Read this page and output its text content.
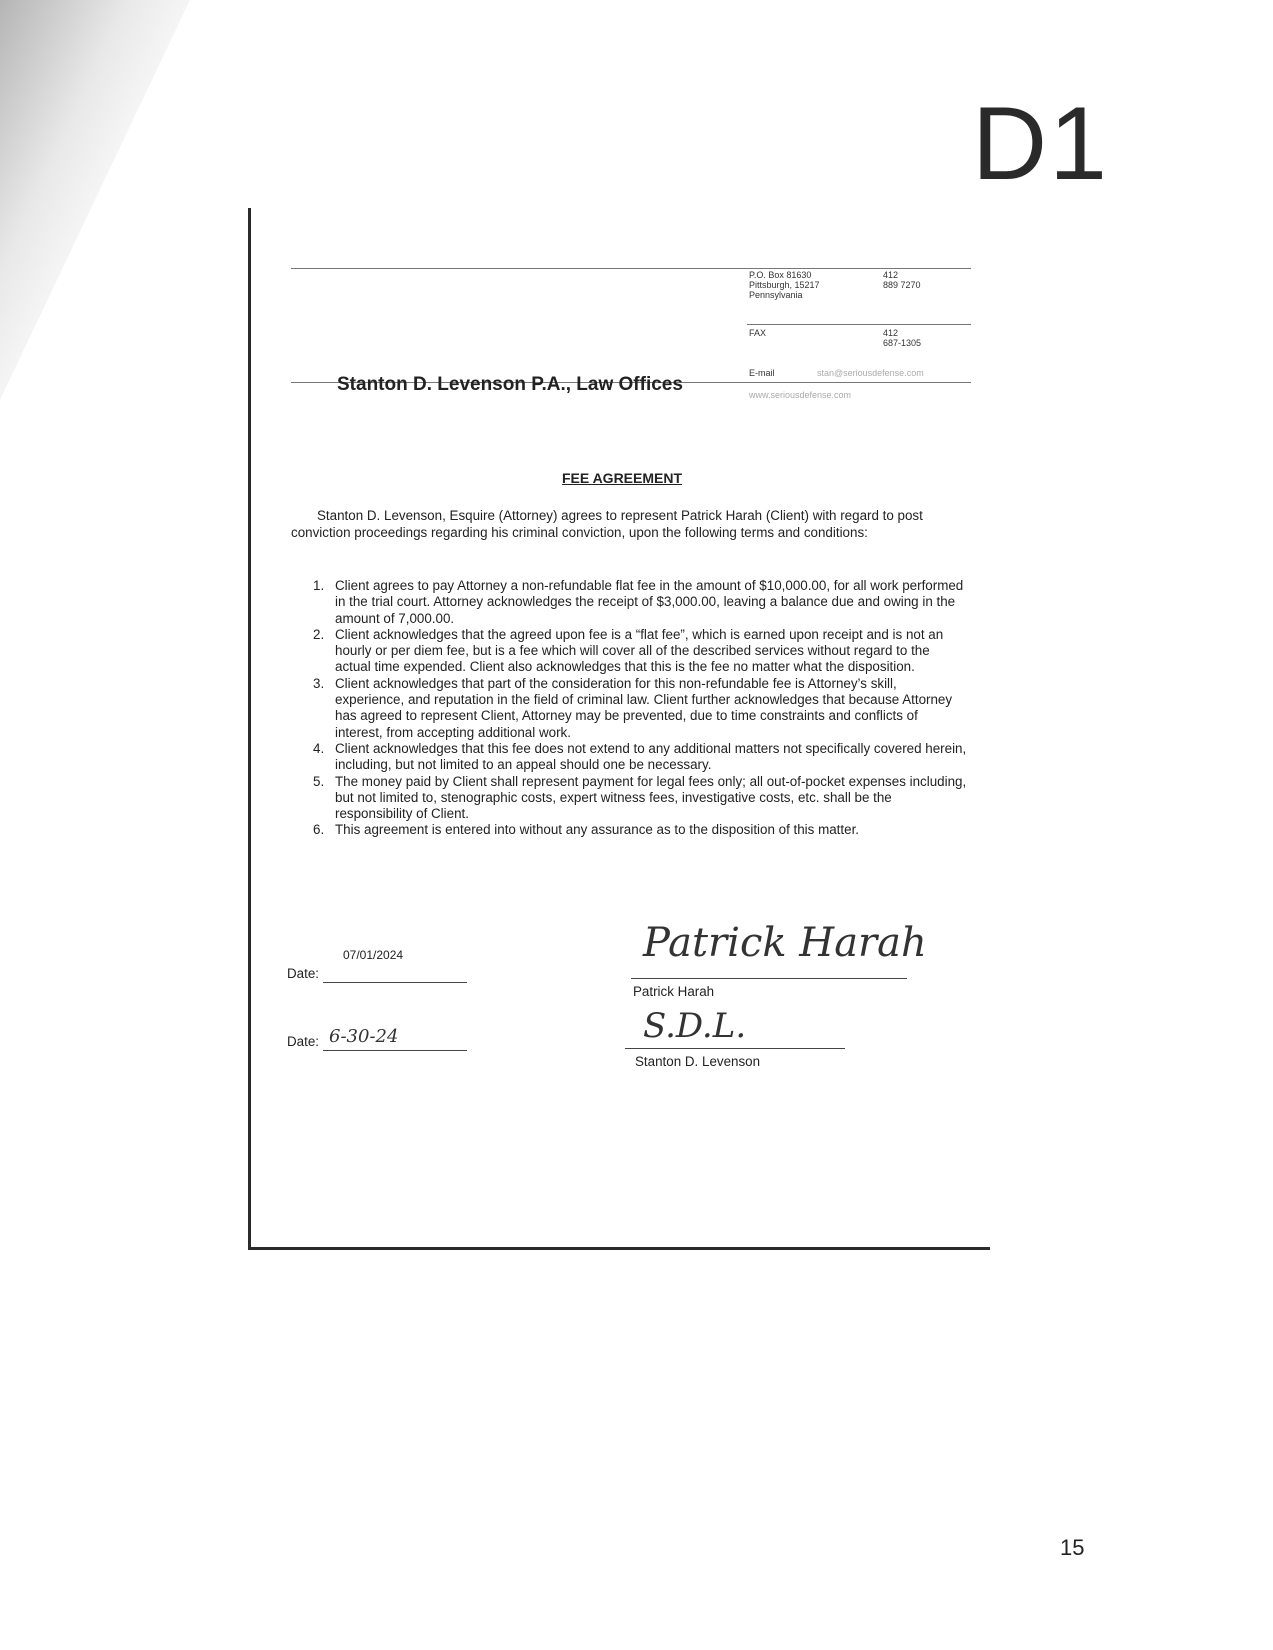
D1
Stanton D. Levenson P.A., Law Offices
P.O. Box 81630
Pittsburgh, 15217
Pennsylvania
412
889 7270
FAX	412
687-1305
E-mail	stan@seriousdefense.com
www.seriousdefense.com
FEE AGREEMENT
Stanton D. Levenson, Esquire (Attorney) agrees to represent Patrick Harah (Client) with regard to post conviction proceedings regarding his criminal conviction, upon the following terms and conditions:
1. Client agrees to pay Attorney a non-refundable flat fee in the amount of $10,000.00, for all work performed in the trial court. Attorney acknowledges the receipt of $3,000.00, leaving a balance due and owing in the amount of 7,000.00.
2. Client acknowledges that the agreed upon fee is a “flat fee”, which is earned upon receipt and is not an hourly or per diem fee, but is a fee which will cover all of the described services without regard to the actual time expended. Client also acknowledges that this is the fee no matter what the disposition.
3. Client acknowledges that part of the consideration for this non-refundable fee is Attorney’s skill, experience, and reputation in the field of criminal law. Client further acknowledges that because Attorney has agreed to represent Client, Attorney may be prevented, due to time constraints and conflicts of interest, from accepting additional work.
4. Client acknowledges that this fee does not extend to any additional matters not specifically covered herein, including, but not limited to an appeal should one be necessary.
5. The money paid by Client shall represent payment for legal fees only; all out-of-pocket expenses including, but not limited to, stenographic costs, expert witness fees, investigative costs, etc. shall be the responsibility of Client.
6. This agreement is entered into without any assurance as to the disposition of this matter.
07/01/2024
Date:
Patrick Harah
Patrick Harah
Date: 6-30-24	S.D.L.
Stanton D. Levenson
15
